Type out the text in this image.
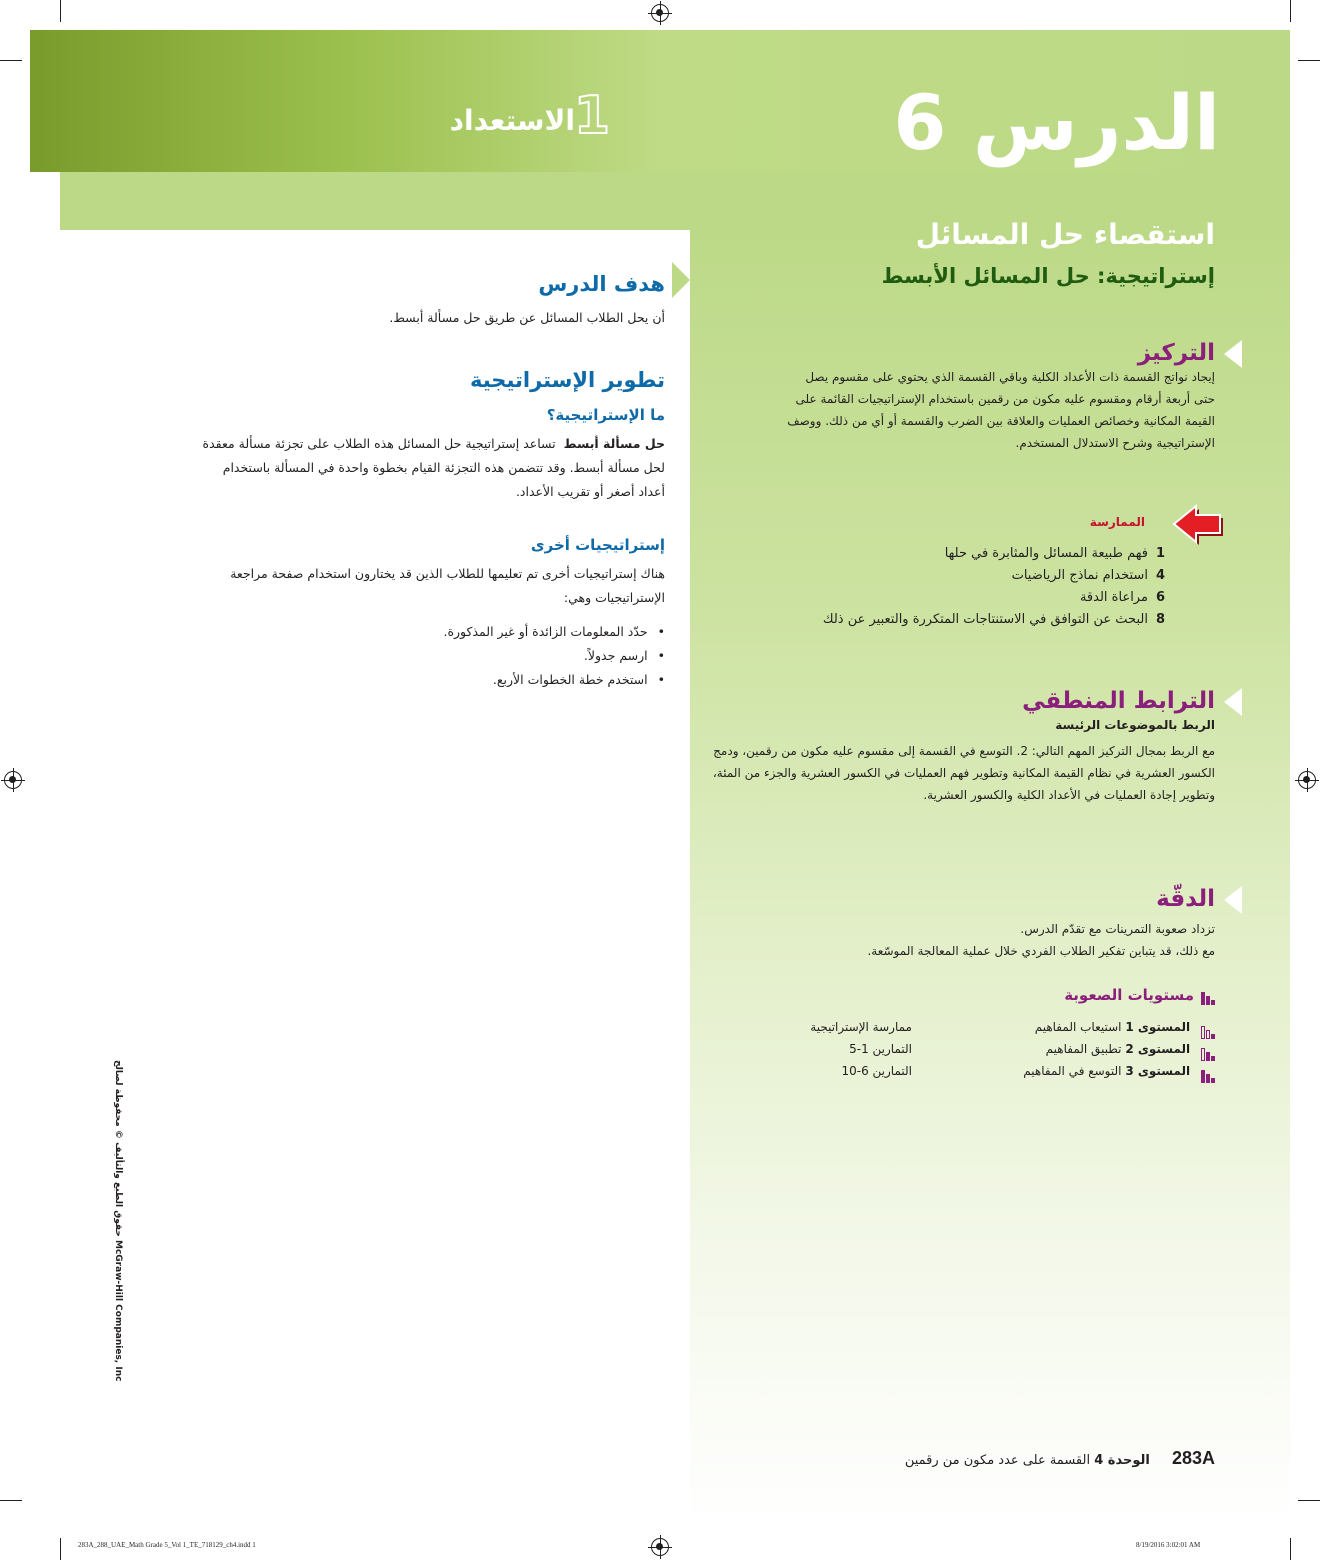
الدرس 6
الاستعداد
1
استقصاء حل المسائل
إستراتيجية: حل المسائل الأبسط
التركيز
إيجاد نواتج القسمة ذات الأعداد الكلية وباقي القسمة الذي يحتوي على مقسوم يصل
حتى أربعة أرقام ومقسوم عليه مكون من رقمين باستخدام الإستراتيجيات القائمة على
القيمة المكانية وخصائص العمليات والعلاقة بين الضرب والقسمة أو أي من ذلك. ووصف
الإستراتيجية وشرح الاستدلال المستخدم.
الممارسة
1فهم طبيعة المسائل والمثابرة في حلها
4استخدام نماذج الرياضيات
6مراعاة الدقة
8البحث عن التوافق في الاستنتاجات المتكررة والتعبير عن ذلك
الترابط المنطقي
الربط بالموضوعات الرئيسة
مع الربط بمجال التركيز المهم التالي: 2. التوسع في القسمة إلى مقسوم عليه مكون من رقمين، ودمج
الكسور العشرية في نظام القيمة المكانية وتطوير فهم العمليات في الكسور العشرية والجزء من المئة،
وتطوير إجادة العمليات في الأعداد الكلية والكسور العشرية.
الدقّة
تزداد صعوبة التمرينات مع تقدّم الدرس.
مع ذلك، قد يتباين تفكير الطلاب الفردي خلال عملية المعالجة الموسّعة.
مستويات الصعوبة
المستوى 1 استيعاب المفاهيم
المستوى 2 تطبيق المفاهيم
المستوى 3 التوسع في المفاهيم
ممارسة الإستراتيجية
التمارين 1-5
التمارين 6-10
هدف الدرس
أن يحل الطلاب المسائل عن طريق حل مسألة أبسط.
تطوير الإستراتيجية
ما الإستراتيجية؟
حل مسألة أبسط  تساعد إستراتيجية حل المسائل هذه الطلاب على تجزئة مسألة معقدة
لحل مسألة أبسط. وقد تتضمن هذه التجزئة القيام بخطوة واحدة في المسألة باستخدام
أعداد أصغر أو تقريب الأعداد.
إستراتيجيات أخرى
هناك إستراتيجيات أخرى تم تعليمها للطلاب الذين قد يختارون استخدام صفحة مراجعة
الإستراتيجيات وهي:
• حدّد المعلومات الزائدة أو غير المذكورة.
• ارسم جدولاً.
• استخدم خطة الخطوات الأربع.
حقوق الطبع والتأليف © محفوظة لصالح McGraw-Hill Companies, Inc
283A الوحدة 4 القسمة على عدد مكون من رقمين
283A_288_UAE_Math Grade 5_Vol 1_TE_718129_ch4.indd 1	8/19/2016 3:02:01 AM
